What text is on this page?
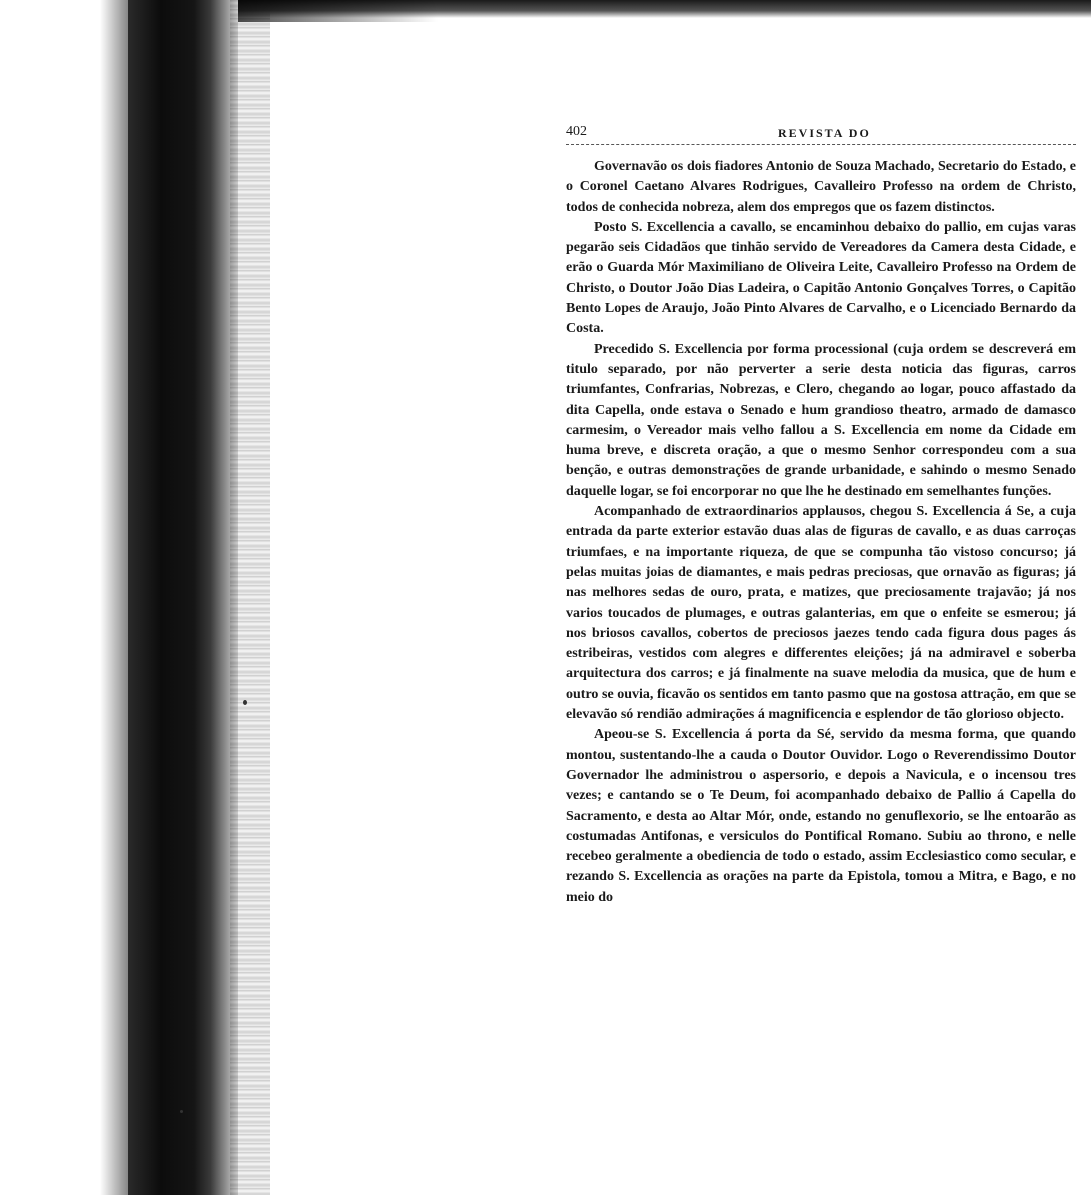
402	REVISTA DO

Governavão os dois fiadores Antonio de Souza Machado, Secretario do Estado, e o Coronel Caetano Alvares Rodrigues, Cavalleiro Professo na ordem de Christo, todos de conhecida nobreza, alem dos empregos que os fazem distinctos.

Posto S. Excellencia a cavallo, se encaminhou debaixo do pallio, em cujas varas pegarão seis Cidadãos que tinhão servido de Vereadores da Camera desta Cidade, e erão o Guarda Mór Maximiliano de Oliveira Leite, Cavalleiro Professo na Ordem de Christo, o Doutor João Dias Ladeira, o Capitão Antonio Gonçalves Torres, o Capitão Bento Lopes de Araujo, João Pinto Alvares de Carvalho, e o Licenciado Bernardo da Costa.

Precedido S. Excellencia por forma processional (cuja ordem se descreverá em titulo separado, por não perverter a serie desta noticia das figuras, carros triumfantes, Confrarias, Nobrezas, e Clero, chegando ao logar, pouco affastado da dita Capella, onde estava o Senado e hum grandioso theatro, armado de damasco carmesim, o Vereador mais velho fallou a S. Excellencia em nome da Cidade em huma breve, e discreta oração, a que o mesmo Senhor correspondeu com a sua benção, e outras demonstrações de grande urbanidade, e sahindo o mesmo Senado daquelle logar, se foi encorporar no que lhe he destinado em semelhantes funções.

Acompanhado de extraordinarios applausos, chegou S. Excellencia á Se, a cuja entrada da parte exterior estavão duas alas de figuras de cavallo, e as duas carroças triumfaes, e na importante riqueza, de que se compunha tão vistoso concurso; já pelas muitas joias de diamantes, e mais pedras preciosas, que ornavão as figuras; já nas melhores sedas de ouro, prata, e matizes, que preciosamente trajavão; já nos varios toucados de plumages, e outras galanterias, em que o enfeite se esmerou; já nos briosos cavallos, cobertos de preciosos jaezes tendo cada figura dous pages ás estribeiras, vestidos com alegres e differentes eleições; já na admiravel e soberba arquitectura dos carros; e já finalmente na suave melodia da musica, que de hum e outro se ouvia, ficavão os sentidos em tanto pasmo que na gostosa attração, em que se elevavão só rendião admirações á magnificencia e esplendor de tão glorioso objecto.

Apeou-se S. Excellencia á porta da Sé, servido da mesma forma, que quando montou, sustentando-lhe a cauda o Doutor Ouvidor. Logo o Reverendissimo Doutor Governador lhe administrou o aspersorio, e depois a Navicula, e o incensou tres vezes; e cantando se o Te Deum, foi acompanhado debaixo de Pallio á Capella do Sacramento, e desta ao Altar Mór, onde, estando no genuflexorio, se lhe entoarão as costumadas Antifonas, e versiculos do Pontifical Romano. Subiu ao throno, e nelle recebeo geralmente a obediencia de todo o estado, assim Ecclesiastico como secular, e rezando S. Excellencia as orações na parte da Epistola, tomou a Mitra, e Bago, e no meio do
